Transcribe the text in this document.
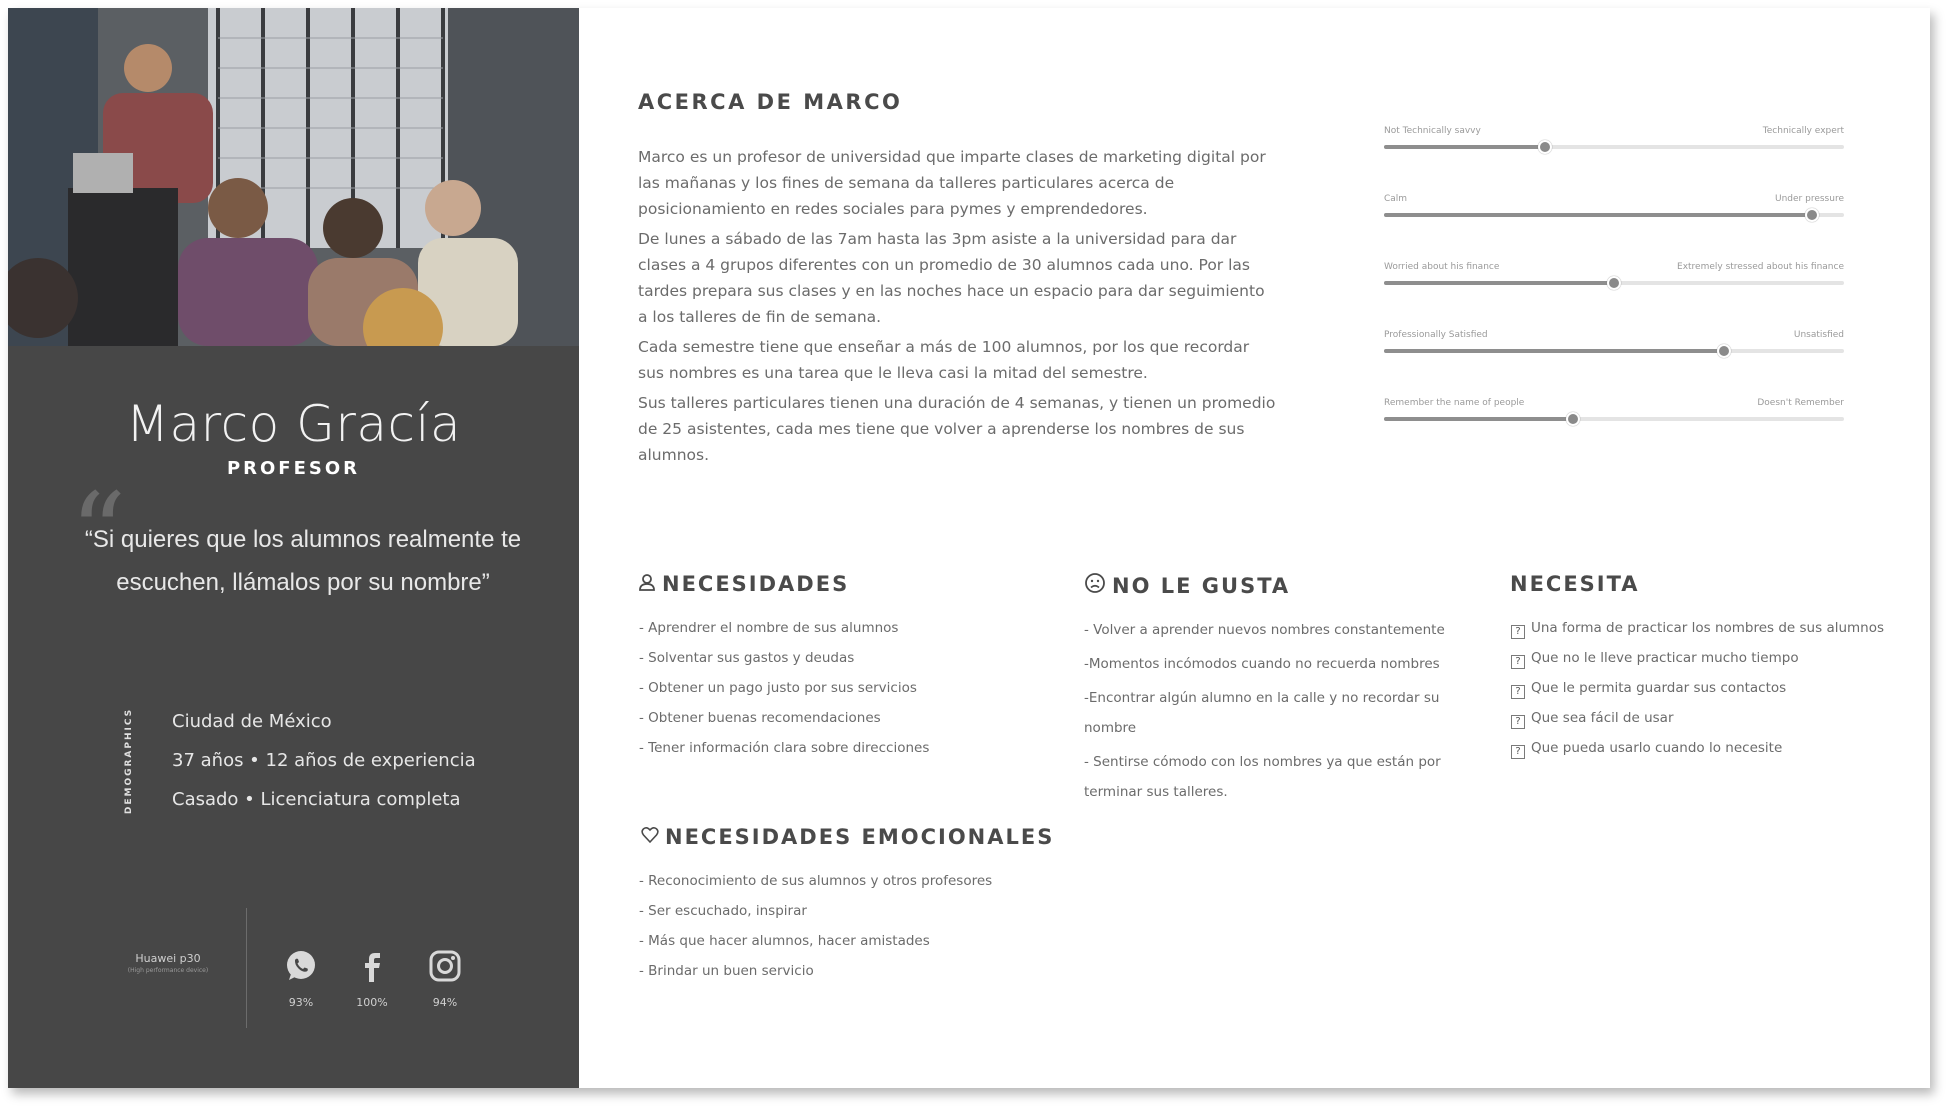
Marco Gracía
PROFESOR
“
“Si quieres que los alumnos realmente te escuchen, llámalos por su nombre”
DEMOGRAPHICS Ciudad de México
37 años • 12 años de experiencia
Casado • Licenciatura completa
Huawei p30
(High performance device)
93%	100%	94%
ACERCA DE MARCO

Marco es un profesor de universidad que imparte clases de marketing digital por las mañanas y los fines de semana da talleres particulares acerca de posicionamiento en redes sociales para pymes y emprendedores.

De lunes a sábado de las 7am hasta las 3pm asiste a la universidad para dar clases a 4 grupos diferentes con un promedio de 30 alumnos cada uno. Por las tardes prepara sus clases y en las noches hace un espacio para dar seguimiento a los talleres de fin de semana.

Cada semestre tiene que enseñar a más de 100 alumnos, por los que recordar sus nombres es una tarea que le lleva casi la mitad del semestre.

Sus talleres particulares tienen una duración de 4 semanas, y tienen un promedio de 25 asistentes, cada mes tiene que volver a aprenderse los nombres de sus alumnos.

Not Technically savvy	Technically expert
Calm	Under pressure
Worried about his finance	Extremely stressed about his finance
Professionally Satisfied	Unsatisfied
Remember the name of people	Doesn't Remember
NECESIDADES
- Aprendrer el nombre de sus alumnos
- Solventar sus gastos y deudas
- Obtener un pago justo por sus servicios
- Obtener buenas recomendaciones
- Tener información clara sobre direcciones
NO LE GUSTA
- Volver a aprender nuevos nombres constantemente
-Momentos incómodos cuando no recuerda nombres
-Encontrar algún alumno en la calle y no recordar su nombre
- Sentirse cómodo con los nombres ya que están por terminar sus talleres.
NECESITA
? Una forma de practicar los nombres de sus alumnos
? Que no le lleve practicar mucho tiempo
? Que le permita guardar sus contactos
? Que sea fácil de usar
? Que pueda usarlo cuando lo necesite
NECESIDADES EMOCIONALES
- Reconocimiento de sus alumnos y otros profesores
- Ser escuchado, inspirar
- Más que hacer alumnos, hacer amistades
- Brindar un buen servicio
